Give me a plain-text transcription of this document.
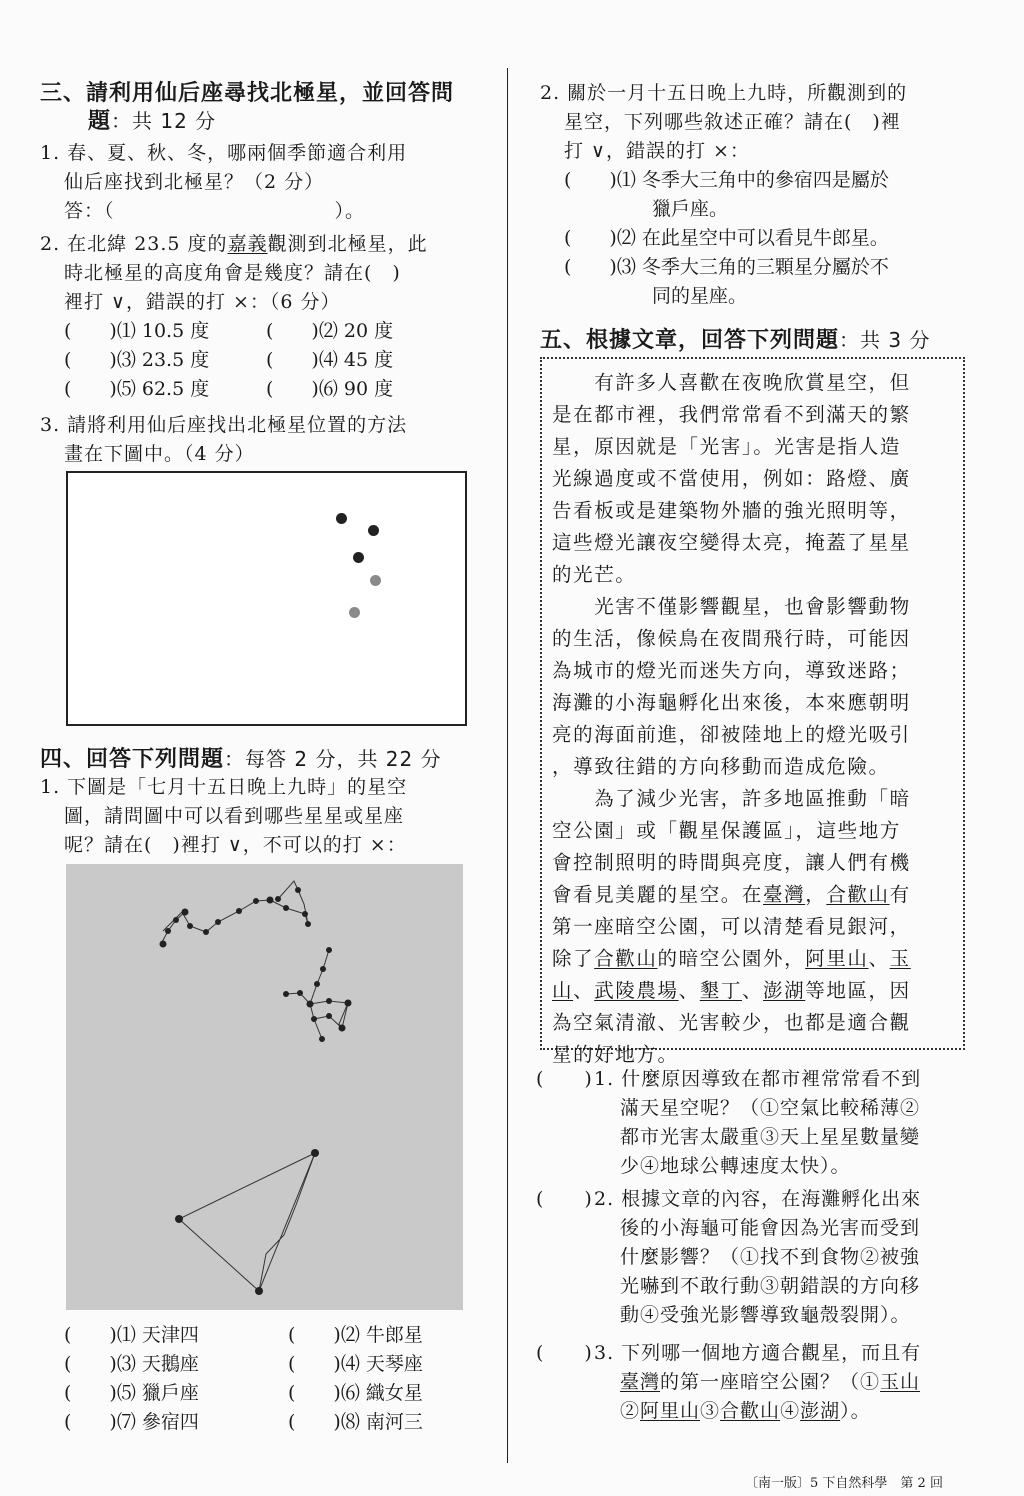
三、請利用仙后座尋找北極星，並回答問
題：共 12 分
1. 春、夏、秋、冬，哪兩個季節適合利用
仙后座找到北極星？（2 分）
答：（　　　　　　　　　　　）。
2. 在北緯 23.5 度的嘉義觀測到北極星，此
時北極星的高度角會是幾度？請在(　)
裡打 ∨，錯誤的打 ×：（6 分）
(　　)⑴ 10.5 度	(　　)⑵ 20 度
(　　)⑶ 23.5 度	(　　)⑷ 45 度
(　　)⑸ 62.5 度	(　　)⑹ 90 度
3. 請將利用仙后座找出北極星位置的方法
畫在下圖中。（4 分）
四、回答下列問題：每答 2 分，共 22 分
1. 下圖是「七月十五日晚上九時」的星空
圖，請問圖中可以看到哪些星星或星座
呢？請在(　)裡打 ∨，不可以的打 ×：
(　　)⑴ 天津四	(　　)⑵ 牛郎星
(　　)⑶ 天鵝座	(　　)⑷ 天琴座
(　　)⑸ 獵戶座	(　　)⑹ 織女星
(　　)⑺ 參宿四	(　　)⑻ 南河三
2. 關於一月十五日晚上九時，所觀測到的
星空，下列哪些敘述正確？請在(　)裡
打 ∨，錯誤的打 ×：
(　　)⑴ 冬季大三角中的參宿四是屬於
獵戶座。
(　　)⑵ 在此星空中可以看見牛郎星。
(　　)⑶ 冬季大三角的三顆星分屬於不
同的星座。
五、根據文章，回答下列問題：共 3 分

　　有許多人喜歡在夜晚欣賞星空，但

是在都市裡，我們常常看不到滿天的繁

星，原因就是「光害」。光害是指人造

光線過度或不當使用，例如：路燈、廣

告看板或是建築物外牆的強光照明等，

這些燈光讓夜空變得太亮，掩蓋了星星

的光芒。

　　光害不僅影響觀星，也會影響動物

的生活，像候鳥在夜間飛行時，可能因

為城市的燈光而迷失方向，導致迷路；

海灘的小海龜孵化出來後，本來應朝明

亮的海面前進，卻被陸地上的燈光吸引

，導致往錯的方向移動而造成危險。

　　為了減少光害，許多地區推動「暗

空公園」或「觀星保護區」，這些地方

會控制照明的時間與亮度，讓人們有機

會看見美麗的星空。在臺灣，合歡山有

第一座暗空公園，可以清楚看見銀河，

除了合歡山的暗空公園外，阿里山、玉

山、武陵農場、墾丁、澎湖等地區，因

為空氣清澈、光害較少，也都是適合觀

星的好地方。

(　　) 1. 什麼原因導致在都市裡常常看不到
滿天星空呢？（①空氣比較稀薄②
都市光害太嚴重③天上星星數量變
少④地球公轉速度太快）。
(　　) 2. 根據文章的內容，在海灘孵化出來
後的小海龜可能會因為光害而受到
什麼影響？（①找不到食物②被強
光嚇到不敢行動③朝錯誤的方向移
動④受強光影響導致龜殼裂開）。
(　　) 3. 下列哪一個地方適合觀星，而且有
臺灣的第一座暗空公園？（①玉山
②阿里山③合歡山④澎湖）。
〔南一版〕5 下自然科學　第 2 回
